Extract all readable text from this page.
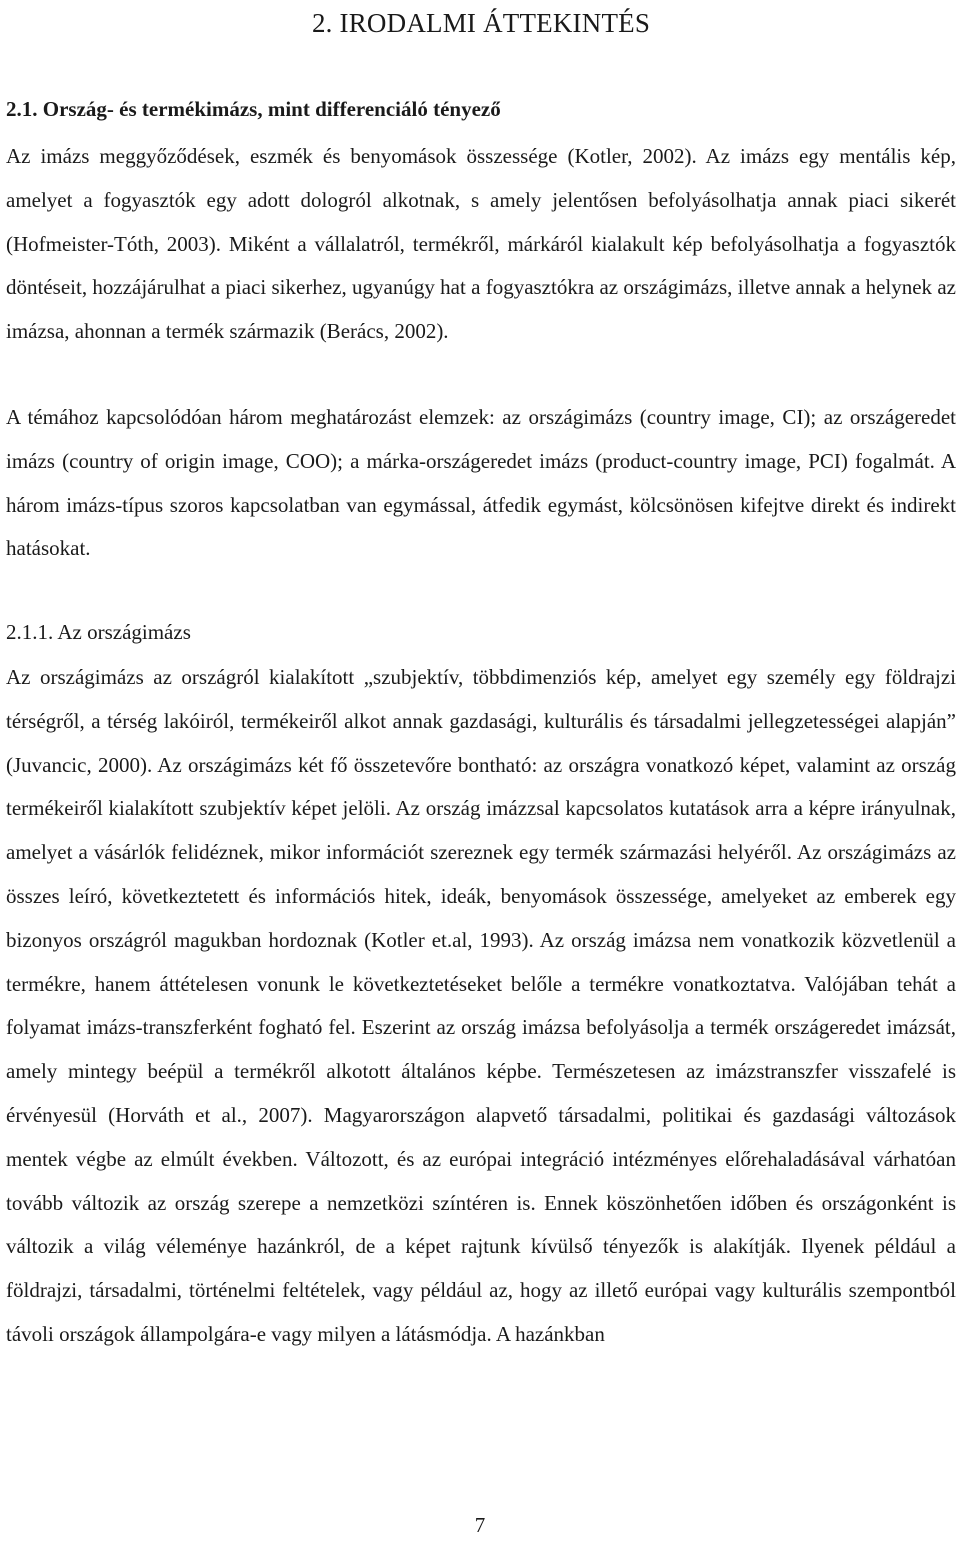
2. IRODALMI ÁTTEKINTÉS
2.1. Ország- és termékimázs, mint differenciáló tényező

Az imázs meggyőződések, eszmék és benyomások összessége (Kotler, 2002). Az imázs egy mentális kép, amelyet a fogyasztók egy adott dologról alkotnak, s amely jelentősen befolyásolhatja annak piaci sikerét (Hofmeister-Tóth, 2003). Miként a vállalatról, termékről, márkáról kialakult kép befolyásolhatja a fogyasztók döntéseit, hozzájárulhat a piaci sikerhez, ugyanúgy hat a fogyasztókra az országimázs, illetve annak a helynek az imázsa, ahonnan a termék származik (Berács, 2002).

A témához kapcsolódóan három meghatározást elemzek: az országimázs (country image, CI); az országeredet imázs (country of origin image, COO); a márka-országeredet imázs (product-country image, PCI) fogalmát. A három imázs-típus szoros kapcsolatban van egymással, átfedik egymást, kölcsönösen kifejtve direkt és indirekt hatásokat.

2.1.1. Az országimázs

Az országimázs az országról kialakított „szubjektív, többdimenziós kép, amelyet egy személy egy földrajzi térségről, a térség lakóiról, termékeiről alkot annak gazdasági, kulturális és társadalmi jellegzetességei alapján” (Juvancic, 2000). Az országimázs két fő összetevőre bontható: az országra vonatkozó képet, valamint az ország termékeiről kialakított szubjektív képet jelöli. Az ország imázzsal kapcsolatos kutatások arra a képre irányulnak, amelyet a vásárlók felidéznek, mikor információt szereznek egy termék származási helyéről. Az országimázs az összes leíró, következtetett és információs hitek, ideák, benyomások összessége, amelyeket az emberek egy bizonyos országról magukban hordoznak (Kotler et.al, 1993). Az ország imázsa nem vonatkozik közvetlenül a termékre, hanem áttételesen vonunk le következtetéseket belőle a termékre vonatkoztatva. Valójában tehát a folyamat imázs-transzferként fogható fel. Eszerint az ország imázsa befolyásolja a termék országeredet imázsát, amely mintegy beépül a termékről alkotott általános képbe. Természetesen az imázstranszfer visszafelé is érvényesül (Horváth et al., 2007). Magyarországon alapvető társadalmi, politikai és gazdasági változások mentek végbe az elmúlt években. Változott, és az európai integráció intézményes előrehaladásával várhatóan tovább változik az ország szerepe a nemzetközi színtéren is. Ennek köszönhetően időben és országonként is változik a világ véleménye hazánkról, de a képet rajtunk kívülső tényezők is alakítják. Ilyenek például a földrajzi, társadalmi, történelmi feltételek, vagy például az, hogy az illető európai vagy kulturális szempontból távoli országok állampolgára-e vagy milyen a látásmódja. A hazánkban

7
